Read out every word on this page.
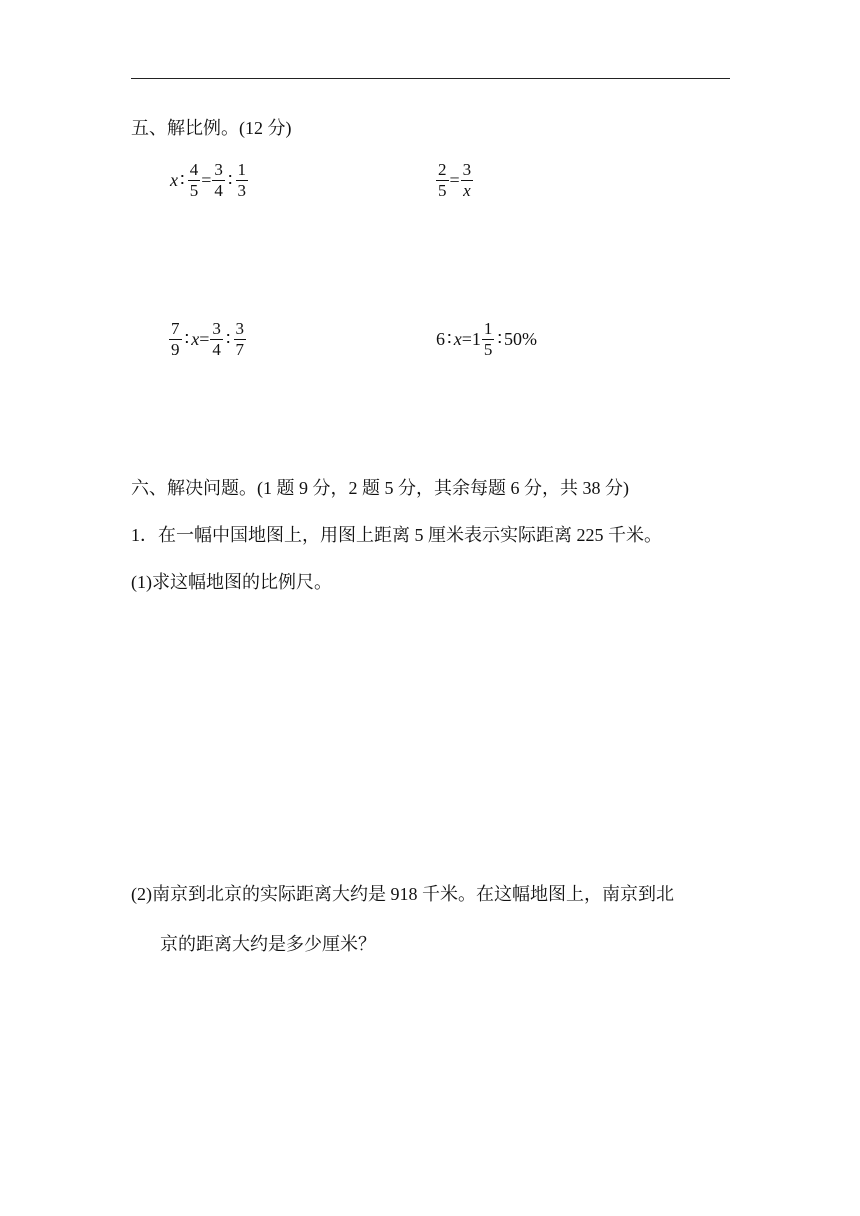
五、解比例。(12 分)
x ∶ $\frac{4}{5} = \frac{3}{4}$ ∶ $\frac{1}{3}$	$\frac{2}{5} = \frac{3}{x}$
$\frac{7}{9}$ ∶ $x = \frac{3}{4}$ ∶ $\frac{3}{7}$	6 ∶ $x = 1 \frac{1}{5}$ ∶ 50%
六、解决问题。(1 题 9 分，2 题 5 分，其余每题 6 分，共 38 分)
1．在一幅中国地图上，用图上距离 5 厘米表示实际距离 225 千米。
(1)求这幅地图的比例尺。
(2)南京到北京的实际距离大约是 918 千米。在这幅地图上，南京到北
京的距离大约是多少厘米？
